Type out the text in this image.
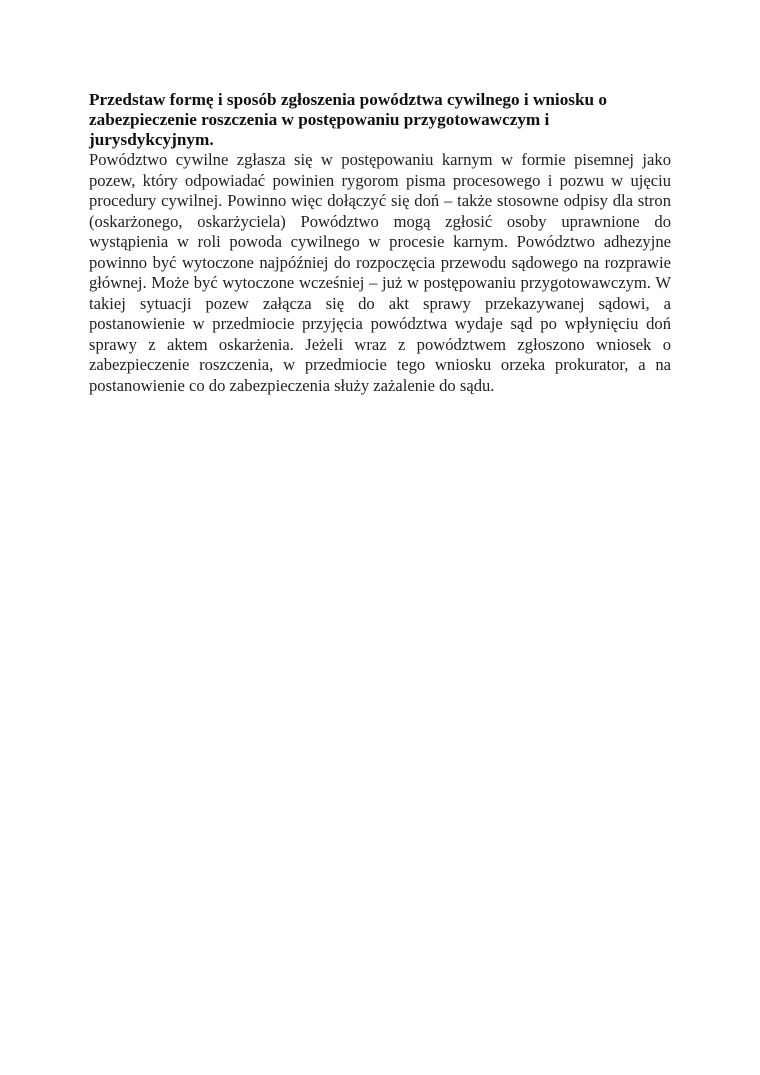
Przedstaw formę i sposób zgłoszenia powództwa cywilnego i wniosku o zabezpieczenie roszczenia w postępowaniu przygotowawczym i jurysdykcyjnym.

Powództwo cywilne zgłasza się w postępowaniu karnym w formie pisemnej jako pozew, który odpowiadać powinien rygorom pisma procesowego i pozwu w ujęciu procedury cywilnej. Powinno więc dołączyć się doń – także stosowne odpisy dla stron (oskarżonego, oskarżyciela) Powództwo mogą zgłosić osoby uprawnione do wystąpienia w roli powoda cywilnego w procesie karnym. Powództwo adhezyjne powinno być wytoczone najpóźniej do rozpoczęcia przewodu sądowego na rozprawie głównej. Może być wytoczone wcześniej – już w postępowaniu przygotowawczym. W takiej sytuacji pozew załącza się do akt sprawy przekazywanej sądowi, a postanowienie w przedmiocie przyjęcia powództwa wydaje sąd po wpłynięciu doń sprawy z aktem oskarżenia. Jeżeli wraz z powództwem zgłoszono wniosek o zabezpieczenie roszczenia, w przedmiocie tego wniosku orzeka prokurator, a na postanowienie co do zabezpieczenia służy zażalenie do sądu.
